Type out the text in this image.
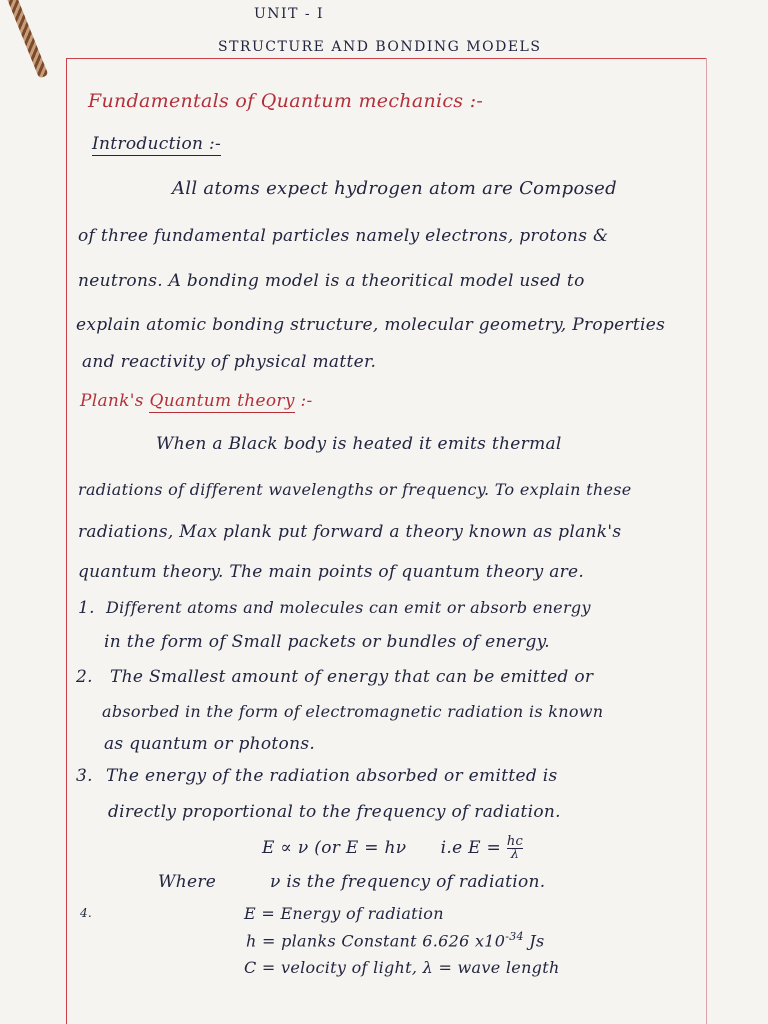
UNIT - I

STRUCTURE AND BONDING MODELS

Fundamentals of Quantum mechanics :-

Introduction :-

All atoms expect hydrogen atom are Composed

of three fundamental particles namely electrons, protons &

neutrons. A bonding model is a theoritical model used to

explain atomic bonding structure, molecular geometry, Properties

and reactivity of physical matter.

Plank's Quantum theory :-

When a Black body is heated it emits thermal

radiations of different wavelengths or frequency. To explain these

radiations, Max plank put forward a theory known as plank's

quantum theory. The main points of quantum theory are.

1. Different atoms and molecules can emit or absorb energy

in the form of Small packets or bundles of energy.

2. The Smallest amount of energy that can be emitted or

absorbed in the form of electromagnetic radiation is known

as quantum or photons.

3. The energy of the radiation absorbed or emitted is

directly proportional to the frequency of radiation.

E ∝ ν (or E = hν i.e $E = \frac{hc}{\lambda}$

Where	ν is the frequency of radiation.

4.	E = Energy of radiation

h = planks Constant 6.626 $x10^{-34}$ Js

C = velocity of light, λ = wave length
